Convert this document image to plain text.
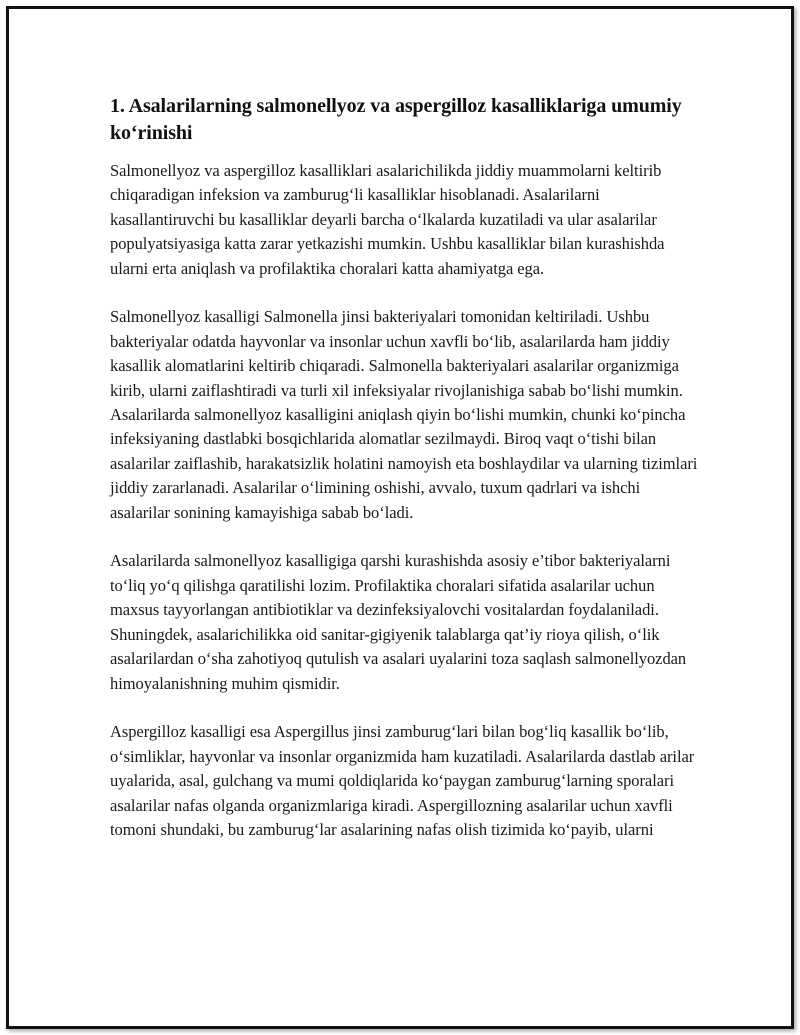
1. Asalarilarning salmonellyoz va aspergilloz kasalliklariga umumiy koʻrinishi

Salmonellyoz va aspergilloz kasalliklari asalarichilikda jiddiy muammolarni keltirib chiqaradigan infeksion va zamburugʻli kasalliklar hisoblanadi. Asalarilarni kasallantiruvchi bu kasalliklar deyarli barcha oʻlkalarda kuzatiladi va ular asalarilar populyatsiyasiga katta zarar yetkazishi mumkin. Ushbu kasalliklar bilan kurashishda ularni erta aniqlash va profilaktika choralari katta ahamiyatga ega.

Salmonellyoz kasalligi Salmonella jinsi bakteriyalari tomonidan keltiriladi. Ushbu bakteriyalar odatda hayvonlar va insonlar uchun xavfli boʻlib, asalarilarda ham jiddiy kasallik alomatlarini keltirib chiqaradi. Salmonella bakteriyalari asalarilar organizmiga kirib, ularni zaiflashtiradi va turli xil infeksiyalar rivojlanishiga sabab boʻlishi mumkin. Asalarilarda salmonellyoz kasalligini aniqlash qiyin boʻlishi mumkin, chunki koʻpincha infeksiyaning dastlabki bosqichlarida alomatlar sezilmaydi. Biroq vaqt oʻtishi bilan asalarilar zaiflashib, harakatsizlik holatini namoyish eta boshlaydilar va ularning tizimlari jiddiy zararlanadi. Asalarilar oʻlimining oshishi, avvalo, tuxum qadrlari va ishchi asalarilar sonining kamayishiga sabab boʻladi.

Asalarilarda salmonellyoz kasalligiga qarshi kurashishda asosiy e’tibor bakteriyalarni toʻliq yoʻq qilishga qaratilishi lozim. Profilaktika choralari sifatida asalarilar uchun maxsus tayyorlangan antibiotiklar va dezinfeksiyalovchi vositalardan foydalaniladi. Shuningdek, asalarichilikka oid sanitar-gigiyenik talablarga qat’iy rioya qilish, oʻlik asalarilardan oʻsha zahotiyoq qutulish va asalari uyalarini toza saqlash salmonellyozdan himoyalanishning muhim qismidir.

Aspergilloz kasalligi esa Aspergillus jinsi zamburugʻlari bilan bogʻliq kasallik boʻlib, oʻsimliklar, hayvonlar va insonlar organizmida ham kuzatiladi. Asalarilarda dastlab arilar uyalarida, asal, gulchang va mumi qoldiqlarida koʻpaygan zamburugʻlarning sporalari asalarilar nafas olganda organizmlariga kiradi. Aspergillozning asalarilar uchun xavfli tomoni shundaki, bu zamburugʻlar asalarining nafas olish tizimida koʻpayib, ularni
